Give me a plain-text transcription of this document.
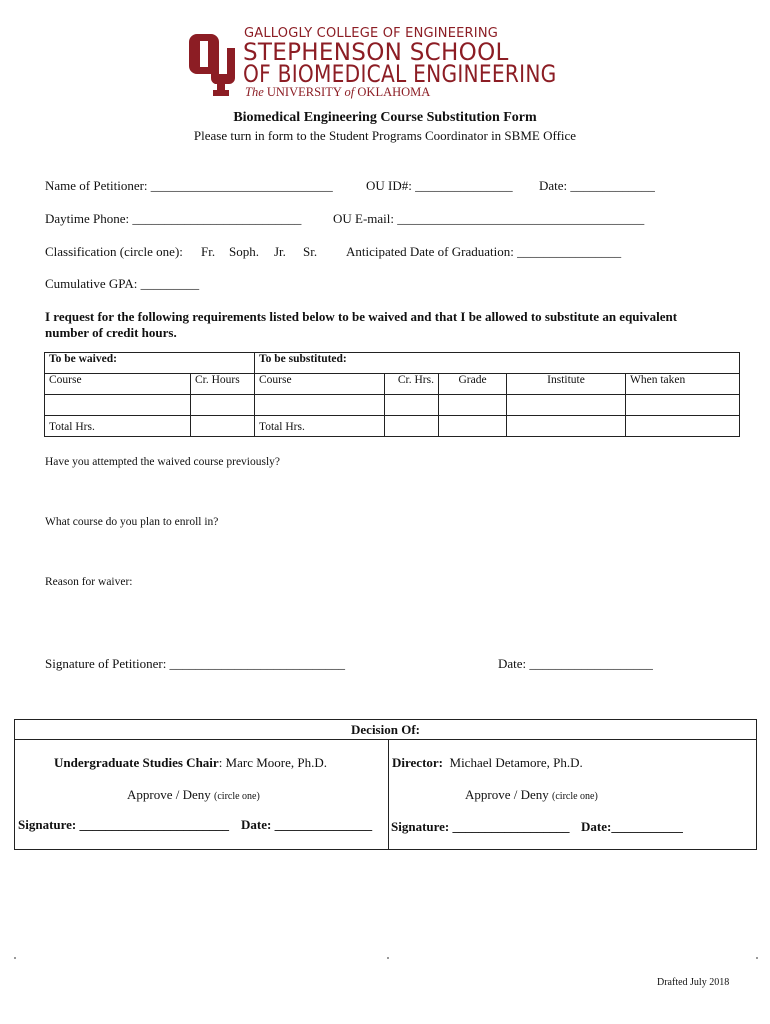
GALLOGLY COLLEGE OF ENGINEERING
STEPHENSON SCHOOL
OF BIOMEDICAL ENGINEERING
The UNIVERSITY of OKLAHOMA
Biomedical Engineering Course Substitution Form
Please turn in form to the Student Programs Coordinator in SBME Office
Name of Petitioner: ____________________________	OU ID#: _______________ Date: _____________
Daytime Phone: __________________________ OU E-mail: ______________________________________
Classification (circle one): Fr. Soph. Jr. Sr. Anticipated Date of Graduation: ________________
Cumulative GPA: _________
I request for the following requirements listed below to be waived and that I be allowed to substitute an equivalent
number of credit hours.
To be waived:		To be substituted:				
Course	Cr. Hours	Course	Cr. Hrs.	Grade	Institute	When taken

Total Hrs.		Total Hrs.				
Have you attempted the waived course previously?
What course do you plan to enroll in?
Reason for waiver:
Signature of Petitioner: ___________________________	Date: ___________________
Decision Of:
Undergraduate Studies Chair: Marc Moore, Ph.D.	Director: Michael Detamore, Ph.D.
Approve / Deny (circle one)	Approve / Deny (circle one)
Signature: _______________________ Date: _______________ Signature: __________________ Date:___________
Drafted July 2018
